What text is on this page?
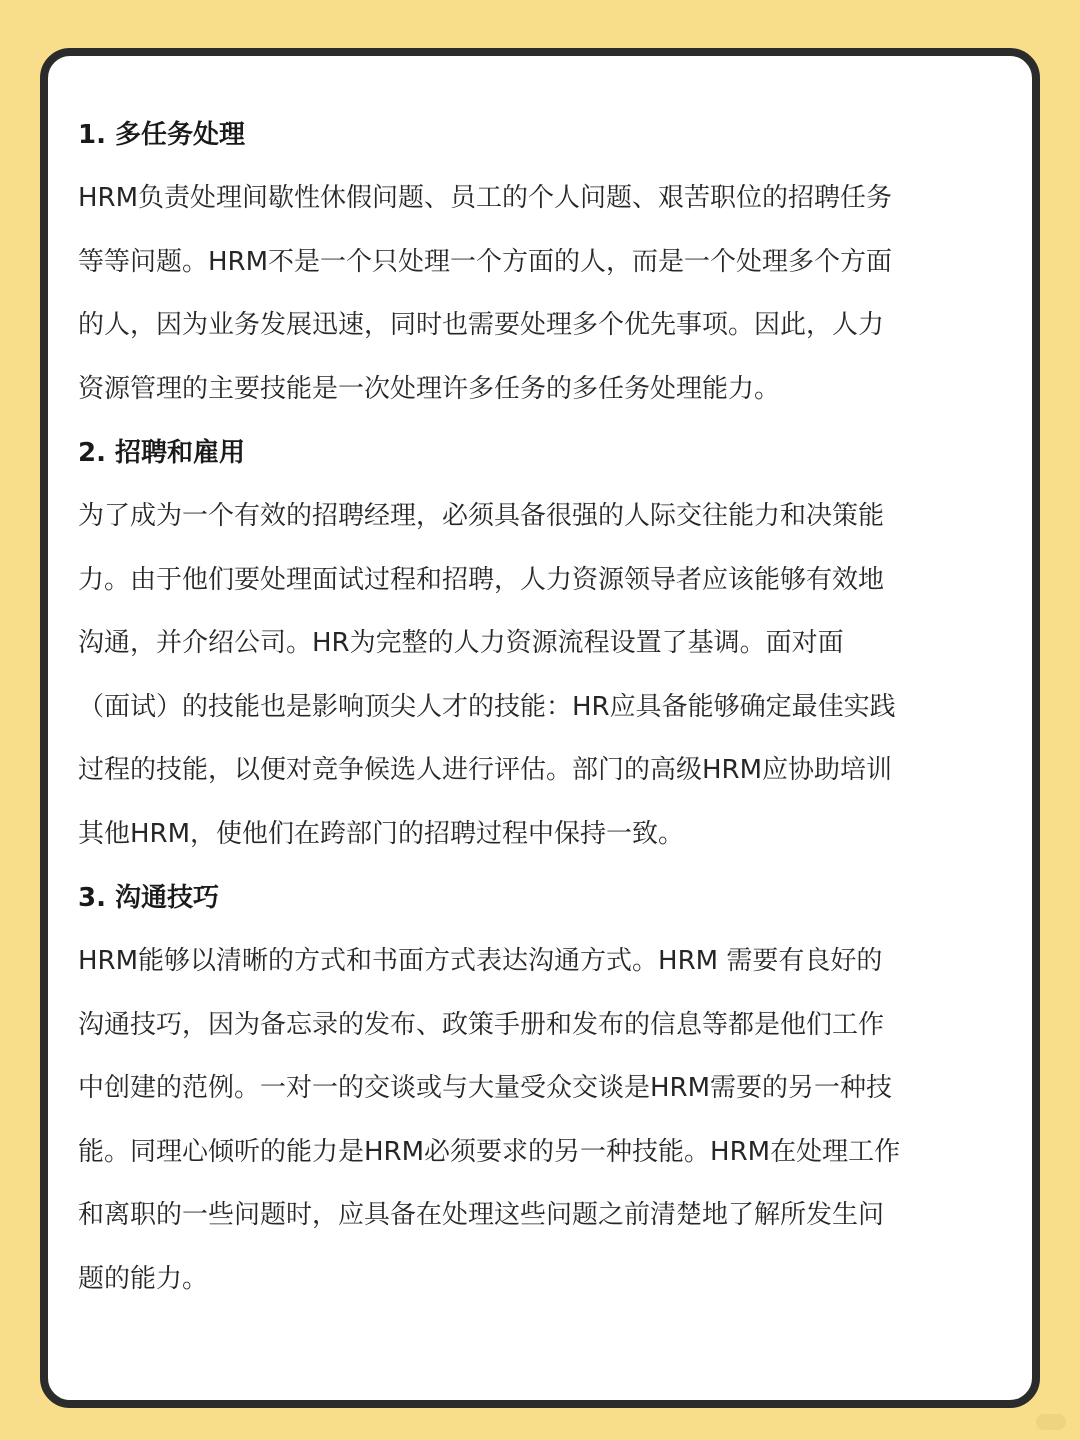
1. 多任务处理
HRM负责处理间歇性休假问题、员工的个人问题、艰苦职位的招聘任务
等等问题。HRM不是一个只处理一个方面的人，而是一个处理多个方面
的人，因为业务发展迅速，同时也需要处理多个优先事项。因此，人力
资源管理的主要技能是一次处理许多任务的多任务处理能力。
2. 招聘和雇用
为了成为一个有效的招聘经理，必须具备很强的人际交往能力和决策能
力。由于他们要处理面试过程和招聘，人力资源领导者应该能够有效地
沟通，并介绍公司。HR为完整的人力资源流程设置了基调。面对面
（面试）的技能也是影响顶尖人才的技能：HR应具备能够确定最佳实践
过程的技能，以便对竞争候选人进行评估。部门的高级HRM应协助培训
其他HRM，使他们在跨部门的招聘过程中保持一致。
3. 沟通技巧
HRM能够以清晰的方式和书面方式表达沟通方式。HRM 需要有良好的
沟通技巧，因为备忘录的发布、政策手册和发布的信息等都是他们工作
中创建的范例。一对一的交谈或与大量受众交谈是HRM需要的另一种技
能。同理心倾听的能力是HRM必须要求的另一种技能。HRM在处理工作
和离职的一些问题时，应具备在处理这些问题之前清楚地了解所发生问
题的能力。
